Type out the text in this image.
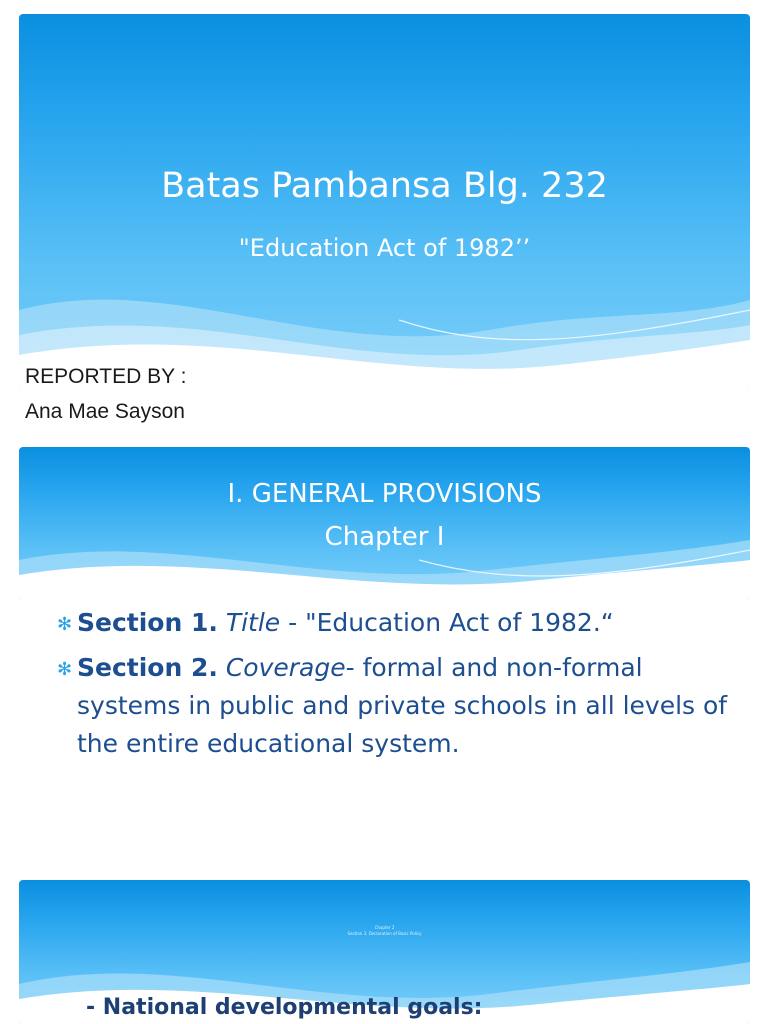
Batas Pambansa Blg. 232
"Education Act of 1982’’
REPORTED BY :
Ana Mae Sayson
I. GENERAL PROVISIONS
Chapter I
✻ Section 1. Title - "Education Act of 1982.“
✻ Section 2. Coverage- formal and non-formal systems in public and private schools in all levels of the entire educational system.
Chapter 2
Section 3. Declaration of Basic Policy
- National developmental goals:
